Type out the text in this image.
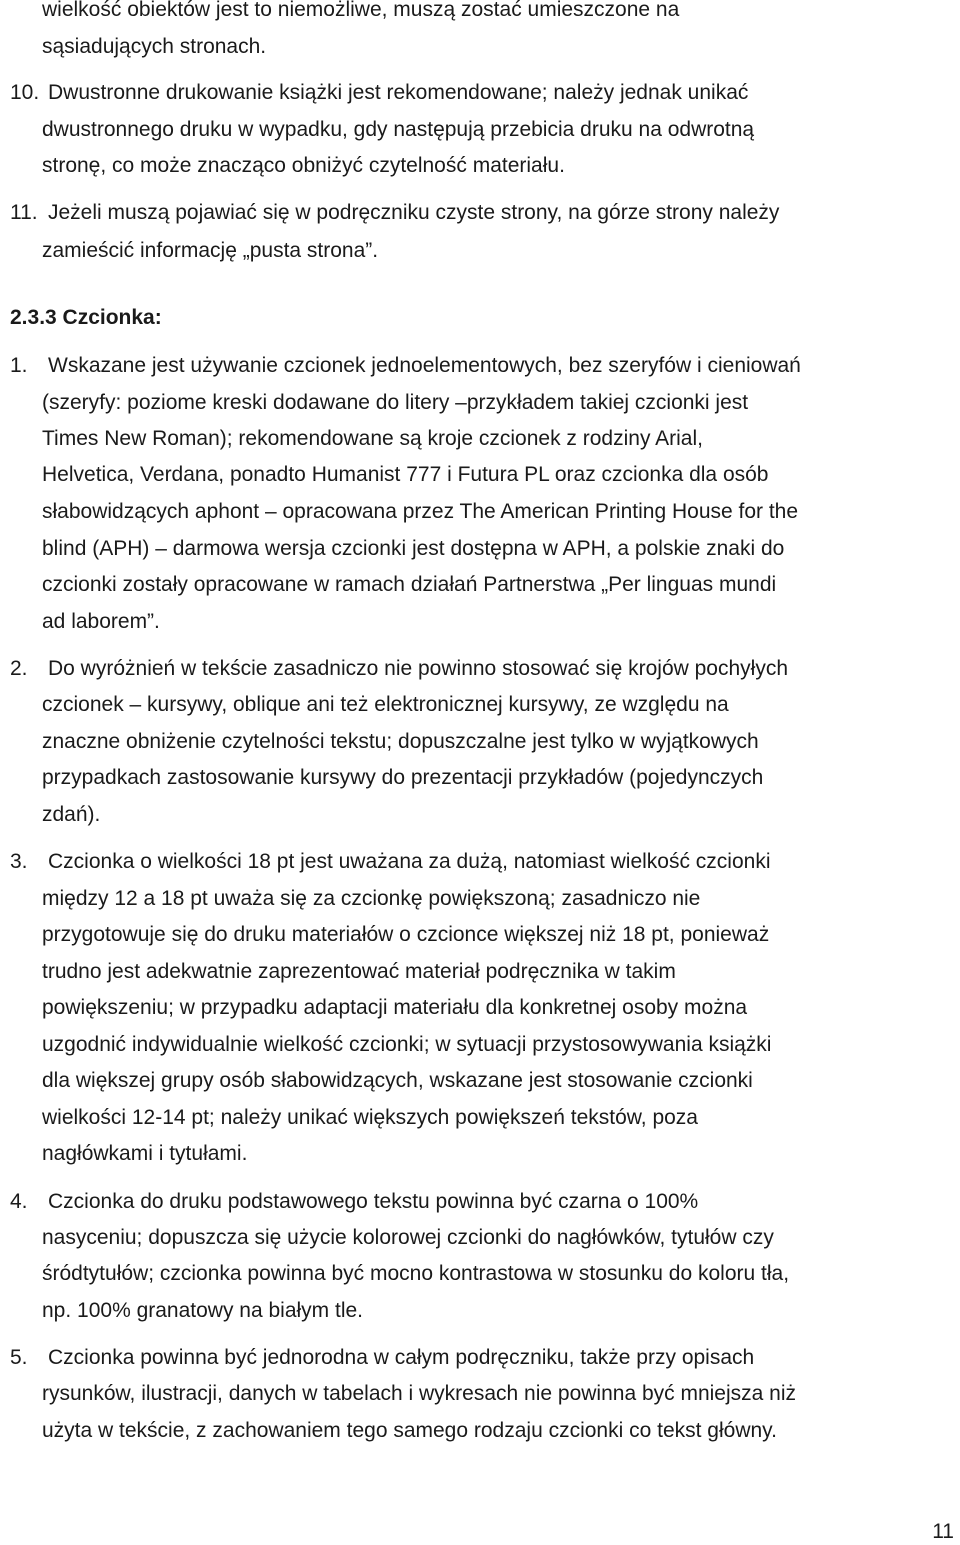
wielkość obiektów jest to niemożliwe, muszą zostać umieszczone na
sąsiadujących stronach.
10. Dwustronne drukowanie książki jest rekomendowane; należy jednak unikać
dwustronnego druku w wypadku, gdy następują przebicia druku na odwrotną
stronę, co może znacząco obniżyć czytelność materiału.
11. Jeżeli muszą pojawiać się w podręczniku czyste strony, na górze strony należy
zamieścić informację „pusta strona”.
2.3.3 Czcionka:
1. Wskazane jest używanie czcionek jednoelementowych, bez szeryfów i cieniowań
(szeryfy: poziome kreski dodawane do litery –przykładem takiej czcionki jest
Times New Roman); rekomendowane są kroje czcionek z rodziny Arial,
Helvetica, Verdana, ponadto Humanist 777 i Futura PL oraz czcionka dla osób
słabowidzących aphont – opracowana przez The American Printing House for the
blind (APH) – darmowa wersja czcionki jest dostępna w APH, a polskie znaki do
czcionki zostały opracowane w ramach działań Partnerstwa „Per linguas mundi
ad laborem”.
2. Do wyróżnień w tekście zasadniczo nie powinno stosować się krojów pochyłych
czcionek – kursywy, oblique ani też elektronicznej kursywy, ze względu na
znaczne obniżenie czytelności tekstu; dopuszczalne jest tylko w wyjątkowych
przypadkach zastosowanie kursywy do prezentacji przykładów (pojedynczych
zdań).
3. Czcionka o wielkości 18 pt jest uważana za dużą, natomiast wielkość czcionki
między 12 a 18 pt uważa się za czcionkę powiększoną; zasadniczo nie
przygotowuje się do druku materiałów o czcionce większej niż 18 pt, ponieważ
trudno jest adekwatnie zaprezentować materiał podręcznika w takim
powiększeniu; w przypadku adaptacji materiału dla konkretnej osoby można
uzgodnić indywidualnie wielkość czcionki; w sytuacji przystosowywania książki
dla większej grupy osób słabowidzących, wskazane jest stosowanie czcionki
wielkości 12-14 pt; należy unikać większych powiększeń tekstów, poza
nagłówkami i tytułami.
4. Czcionka do druku podstawowego tekstu powinna być czarna o 100%
nasyceniu; dopuszcza się użycie kolorowej czcionki do nagłówków, tytułów czy
śródtytułów; czcionka powinna być mocno kontrastowa w stosunku do koloru tła,
np. 100% granatowy na białym tle.
5. Czcionka powinna być jednorodna w całym podręczniku, także przy opisach
rysunków, ilustracji, danych w tabelach i wykresach nie powinna być mniejsza niż
użyta w tekście, z zachowaniem tego samego rodzaju czcionki co tekst główny.
11
